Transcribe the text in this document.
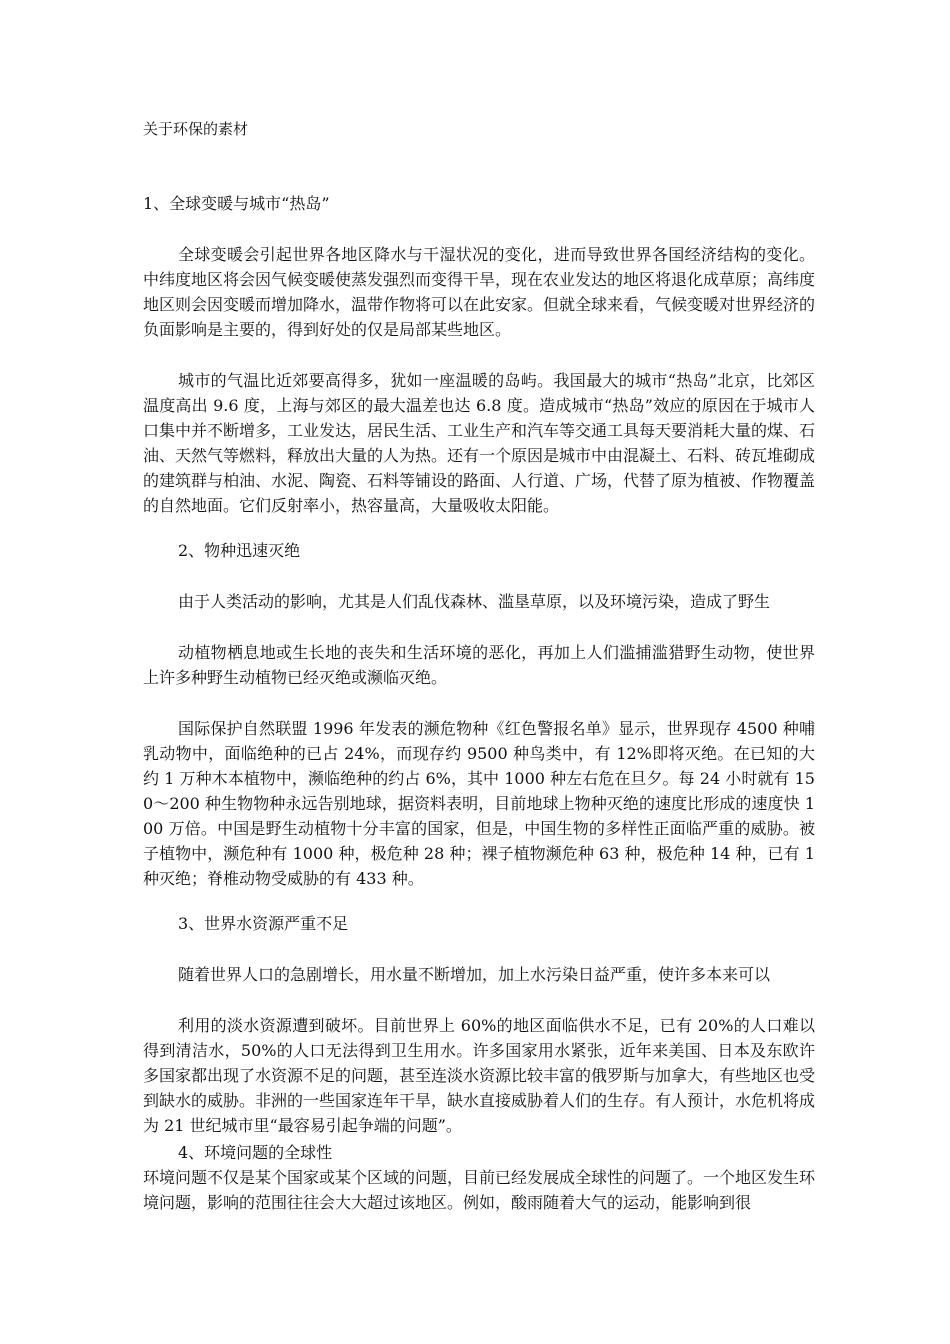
关于环保的素材

1、全球变暖与城市“热岛”

全球变暖会引起世界各地区降水与干湿状况的变化，进而导致世界各国经济结构的变化。中纬度地区将会因气候变暖使蒸发强烈而变得干旱，现在农业发达的地区将退化成草原；高纬度地区则会因变暖而增加降水，温带作物将可以在此安家。但就全球来看，气候变暖对世界经济的负面影响是主要的，得到好处的仅是局部某些地区。

城市的气温比近郊要高得多，犹如一座温暖的岛屿。我国最大的城市“热岛”北京，比郊区温度高出 9.6 度，上海与郊区的最大温差也达 6.8 度。造成城市“热岛”效应的原因在于城市人口集中并不断增多，工业发达，居民生活、工业生产和汽车等交通工具每天要消耗大量的煤、石油、天然气等燃料，释放出大量的人为热。还有一个原因是城市中由混凝土、石料、砖瓦堆砌成的建筑群与柏油、水泥、陶瓷、石料等铺设的路面、人行道、广场，代替了原为植被、作物覆盖的自然地面。它们反射率小，热容量高，大量吸收太阳能。

2、物种迅速灭绝

由于人类活动的影响，尤其是人们乱伐森林、滥垦草原，以及环境污染，造成了野生

动植物栖息地或生长地的丧失和生活环境的恶化，再加上人们滥捕滥猎野生动物，使世界上许多种野生动植物已经灭绝或濒临灭绝。

国际保护自然联盟 1996 年发表的濒危物种《红色警报名单》显示，世界现存 4500 种哺乳动物中，面临绝种的已占 24%，而现存约 9500 种鸟类中，有 12%即将灭绝。在已知的大约 1 万种木本植物中，濒临绝种的约占 6%，其中 1000 种左右危在旦夕。每 24 小时就有 150～200 种生物物种永远告别地球，据资料表明，目前地球上物种灭绝的速度比形成的速度快 100 万倍。中国是野生动植物十分丰富的国家，但是，中国生物的多样性正面临严重的威胁。被子植物中，濒危种有 1000 种，极危种 28 种；裸子植物濒危种 63 种，极危种 14 种，已有 1 种灭绝；脊椎动物受威胁的有 433 种。

3、世界水资源严重不足

随着世界人口的急剧增长，用水量不断增加，加上水污染日益严重，使许多本来可以

利用的淡水资源遭到破坏。目前世界上 60%的地区面临供水不足，已有 20%的人口难以得到清洁水，50%的人口无法得到卫生用水。许多国家用水紧张，近年来美国、日本及东欧许多国家都出现了水资源不足的问题，甚至连淡水资源比较丰富的俄罗斯与加拿大，有些地区也受到缺水的威胁。非洲的一些国家连年干旱，缺水直接威胁着人们的生存。有人预计，水危机将成为 21 世纪城市里“最容易引起争端的问题”。

4、环境问题的全球性

环境问题不仅是某个国家或某个区域的问题，目前已经发展成全球性的问题了。一个地区发生环境问题，影响的范围往往会大大超过该地区。例如，酸雨随着大气的运动，能影响到很
